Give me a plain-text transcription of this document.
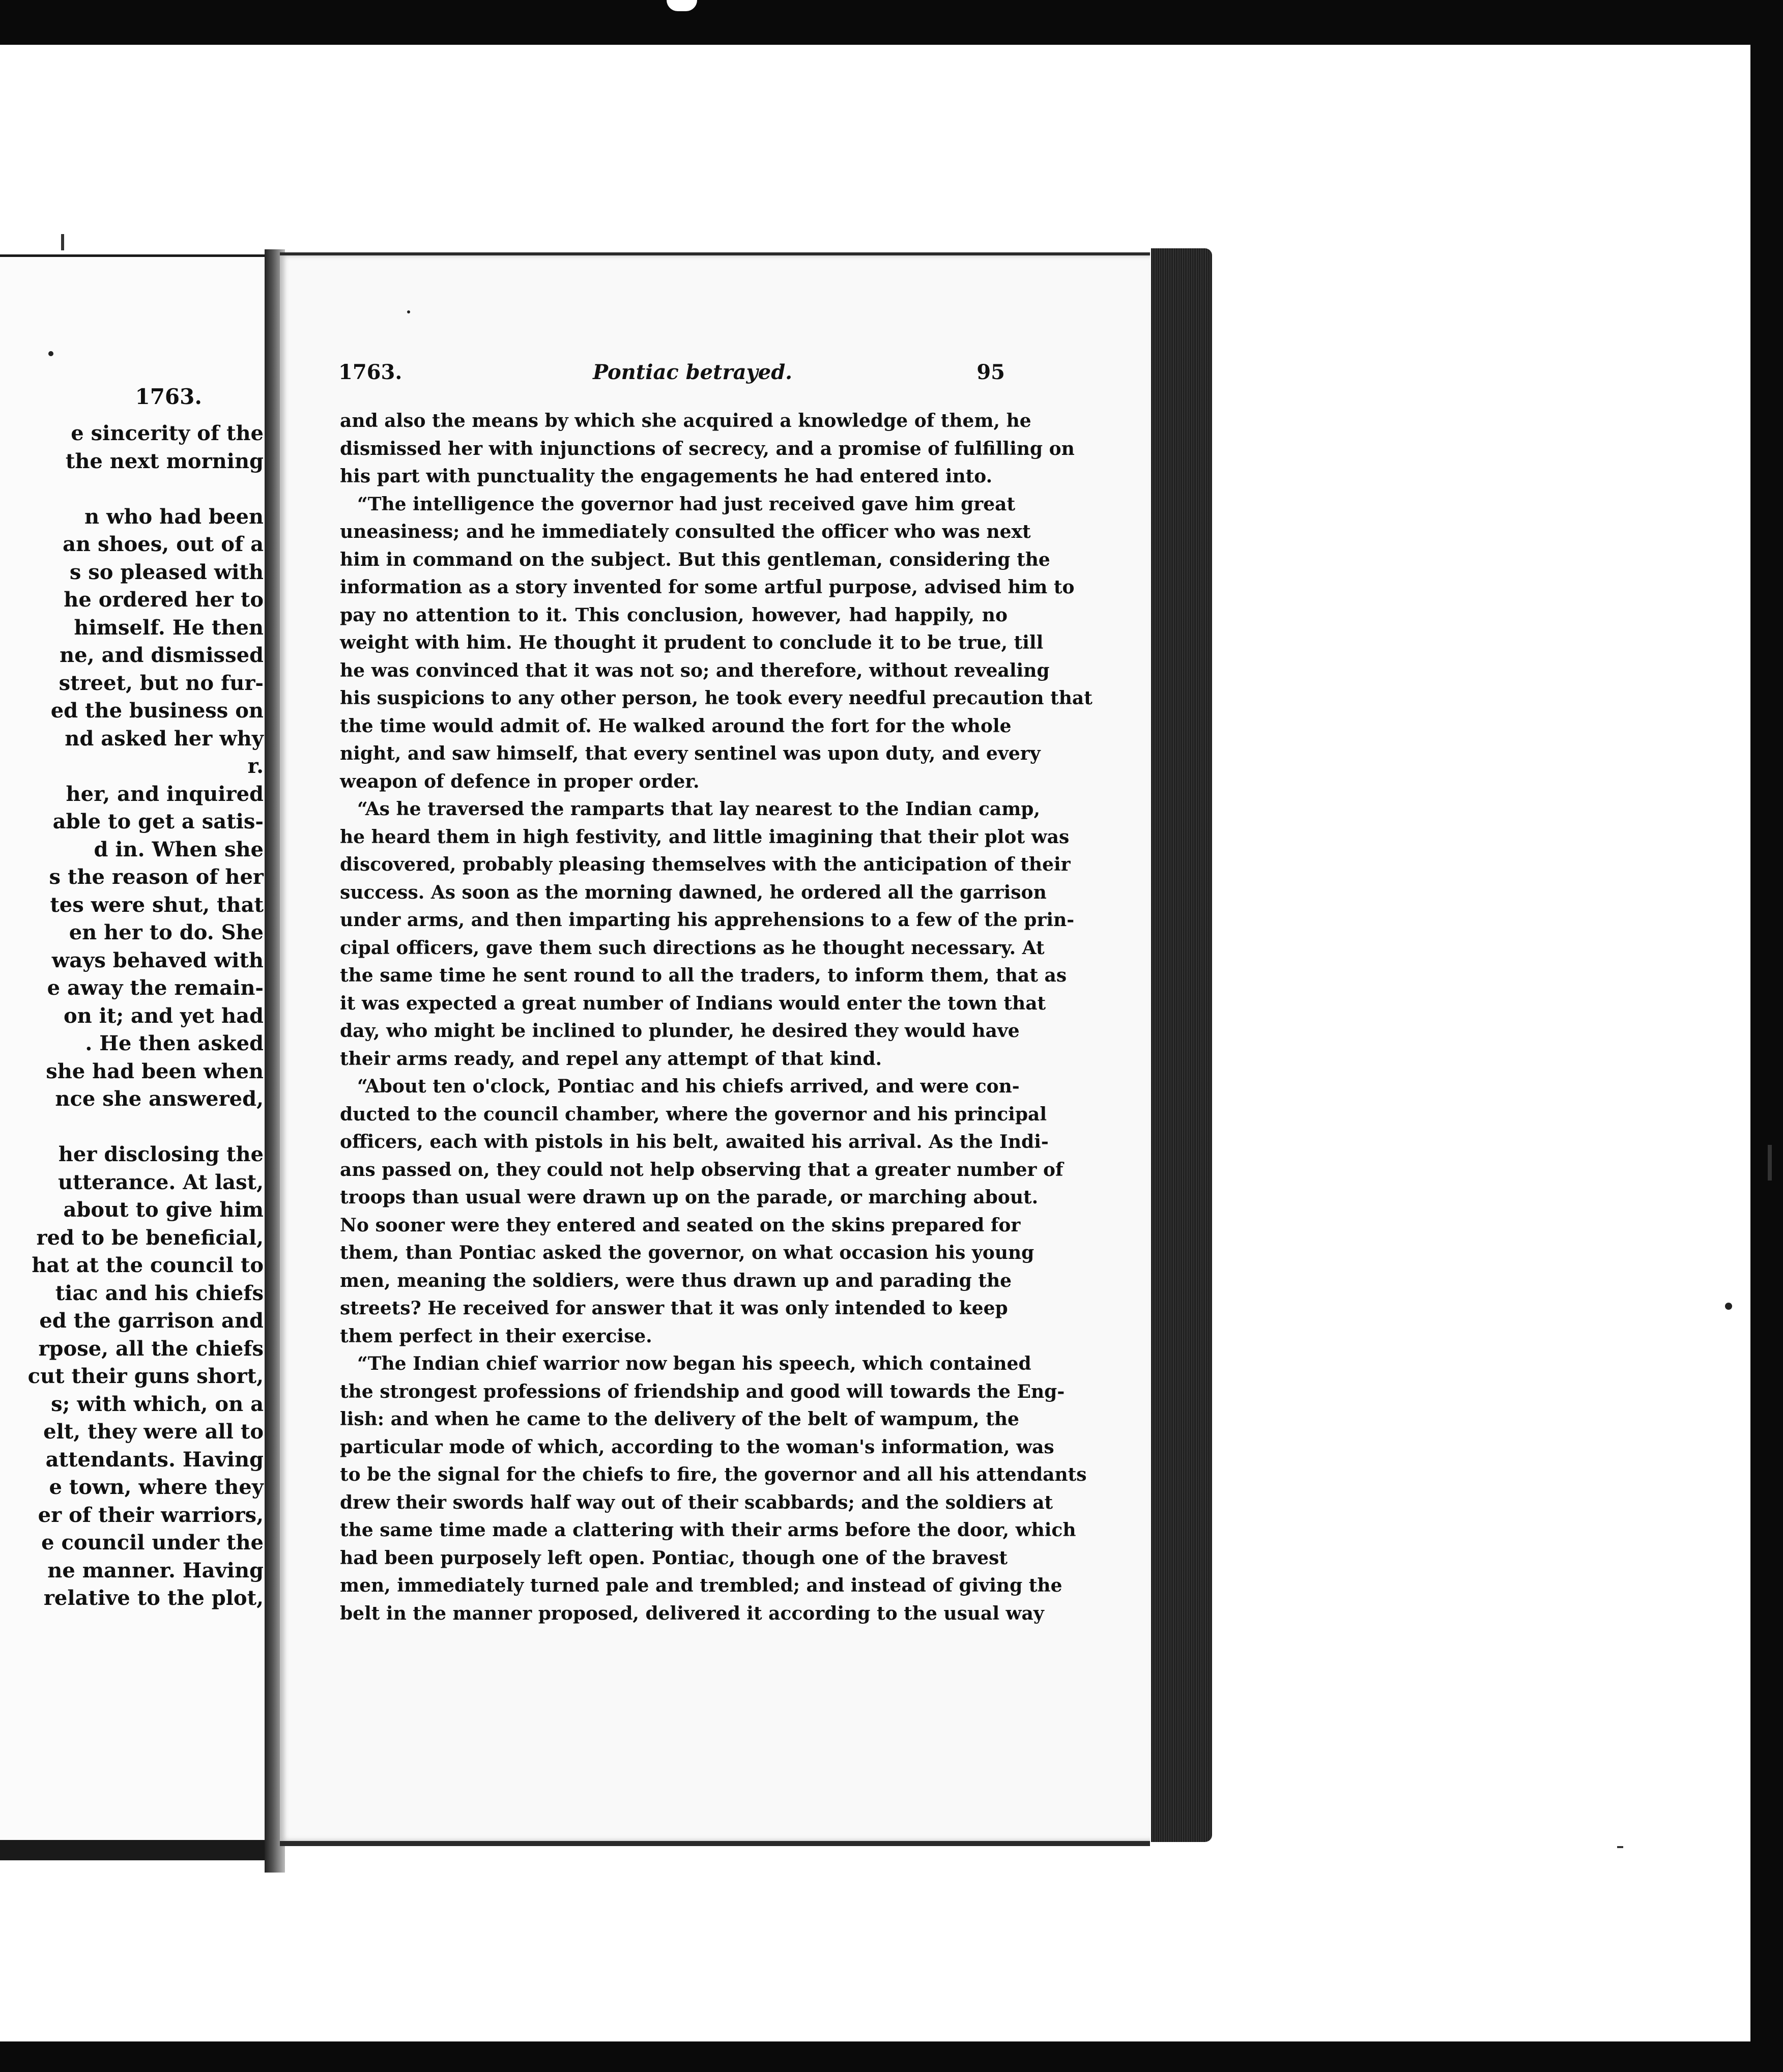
1763.
e sincerity of the
the next morning

n who had been
an shoes, out of a
s so pleased with
he ordered her to
himself. He then
ne, and dismissed
street, but no fur-
ed the business on
nd asked her why
r.
her, and inquired
able to get a satis-
d in. When she
s the reason of her
tes were shut, that
en her to do. She
ways behaved with
e away the remain-
on it; and yet had
. He then asked
she had been when
nce she answered,

her disclosing the
utterance. At last,
about to give him
red to be beneficial,
hat at the council to
tiac and his chiefs
ed the garrison and
rpose, all the chiefs
cut their guns short,
s; with which, on a
elt, they were all to
attendants. Having
e town, where they
er of their warriors,
e council under the
ne manner. Having
relative to the plot,
1763.	Pontiac betrayed.	95
and also the means by which she acquired a knowledge of them, he
dismissed her with injunctions of secrecy, and a promise of fulfilling on
his part with punctuality the engagements he had entered into.
“The intelligence the governor had just received gave him great
uneasiness; and he immediately consulted the officer who was next
him in command on the subject. But this gentleman, considering the
information as a story invented for some artful purpose, advised him to
pay no attention to it. This conclusion, however, had happily, no
weight with him. He thought it prudent to conclude it to be true, till
he was convinced that it was not so; and therefore, without revealing
his suspicions to any other person, he took every needful precaution that
the time would admit of. He walked around the fort for the whole
night, and saw himself, that every sentinel was upon duty, and every
weapon of defence in proper order.
“As he traversed the ramparts that lay nearest to the Indian camp,
he heard them in high festivity, and little imagining that their plot was
discovered, probably pleasing themselves with the anticipation of their
success. As soon as the morning dawned, he ordered all the garrison
under arms, and then imparting his apprehensions to a few of the prin-
cipal officers, gave them such directions as he thought necessary. At
the same time he sent round to all the traders, to inform them, that as
it was expected a great number of Indians would enter the town that
day, who might be inclined to plunder, he desired they would have
their arms ready, and repel any attempt of that kind.
“About ten o'clock, Pontiac and his chiefs arrived, and were con-
ducted to the council chamber, where the governor and his principal
officers, each with pistols in his belt, awaited his arrival. As the Indi-
ans passed on, they could not help observing that a greater number of
troops than usual were drawn up on the parade, or marching about.
No sooner were they entered and seated on the skins prepared for
them, than Pontiac asked the governor, on what occasion his young
men, meaning the soldiers, were thus drawn up and parading the
streets? He received for answer that it was only intended to keep
them perfect in their exercise.
“The Indian chief warrior now began his speech, which contained
the strongest professions of friendship and good will towards the Eng-
lish: and when he came to the delivery of the belt of wampum, the
particular mode of which, according to the woman's information, was
to be the signal for the chiefs to fire, the governor and all his attendants
drew their swords half way out of their scabbards; and the soldiers at
the same time made a clattering with their arms before the door, which
had been purposely left open. Pontiac, though one of the bravest
men, immediately turned pale and trembled; and instead of giving the
belt in the manner proposed, delivered it according to the usual way
